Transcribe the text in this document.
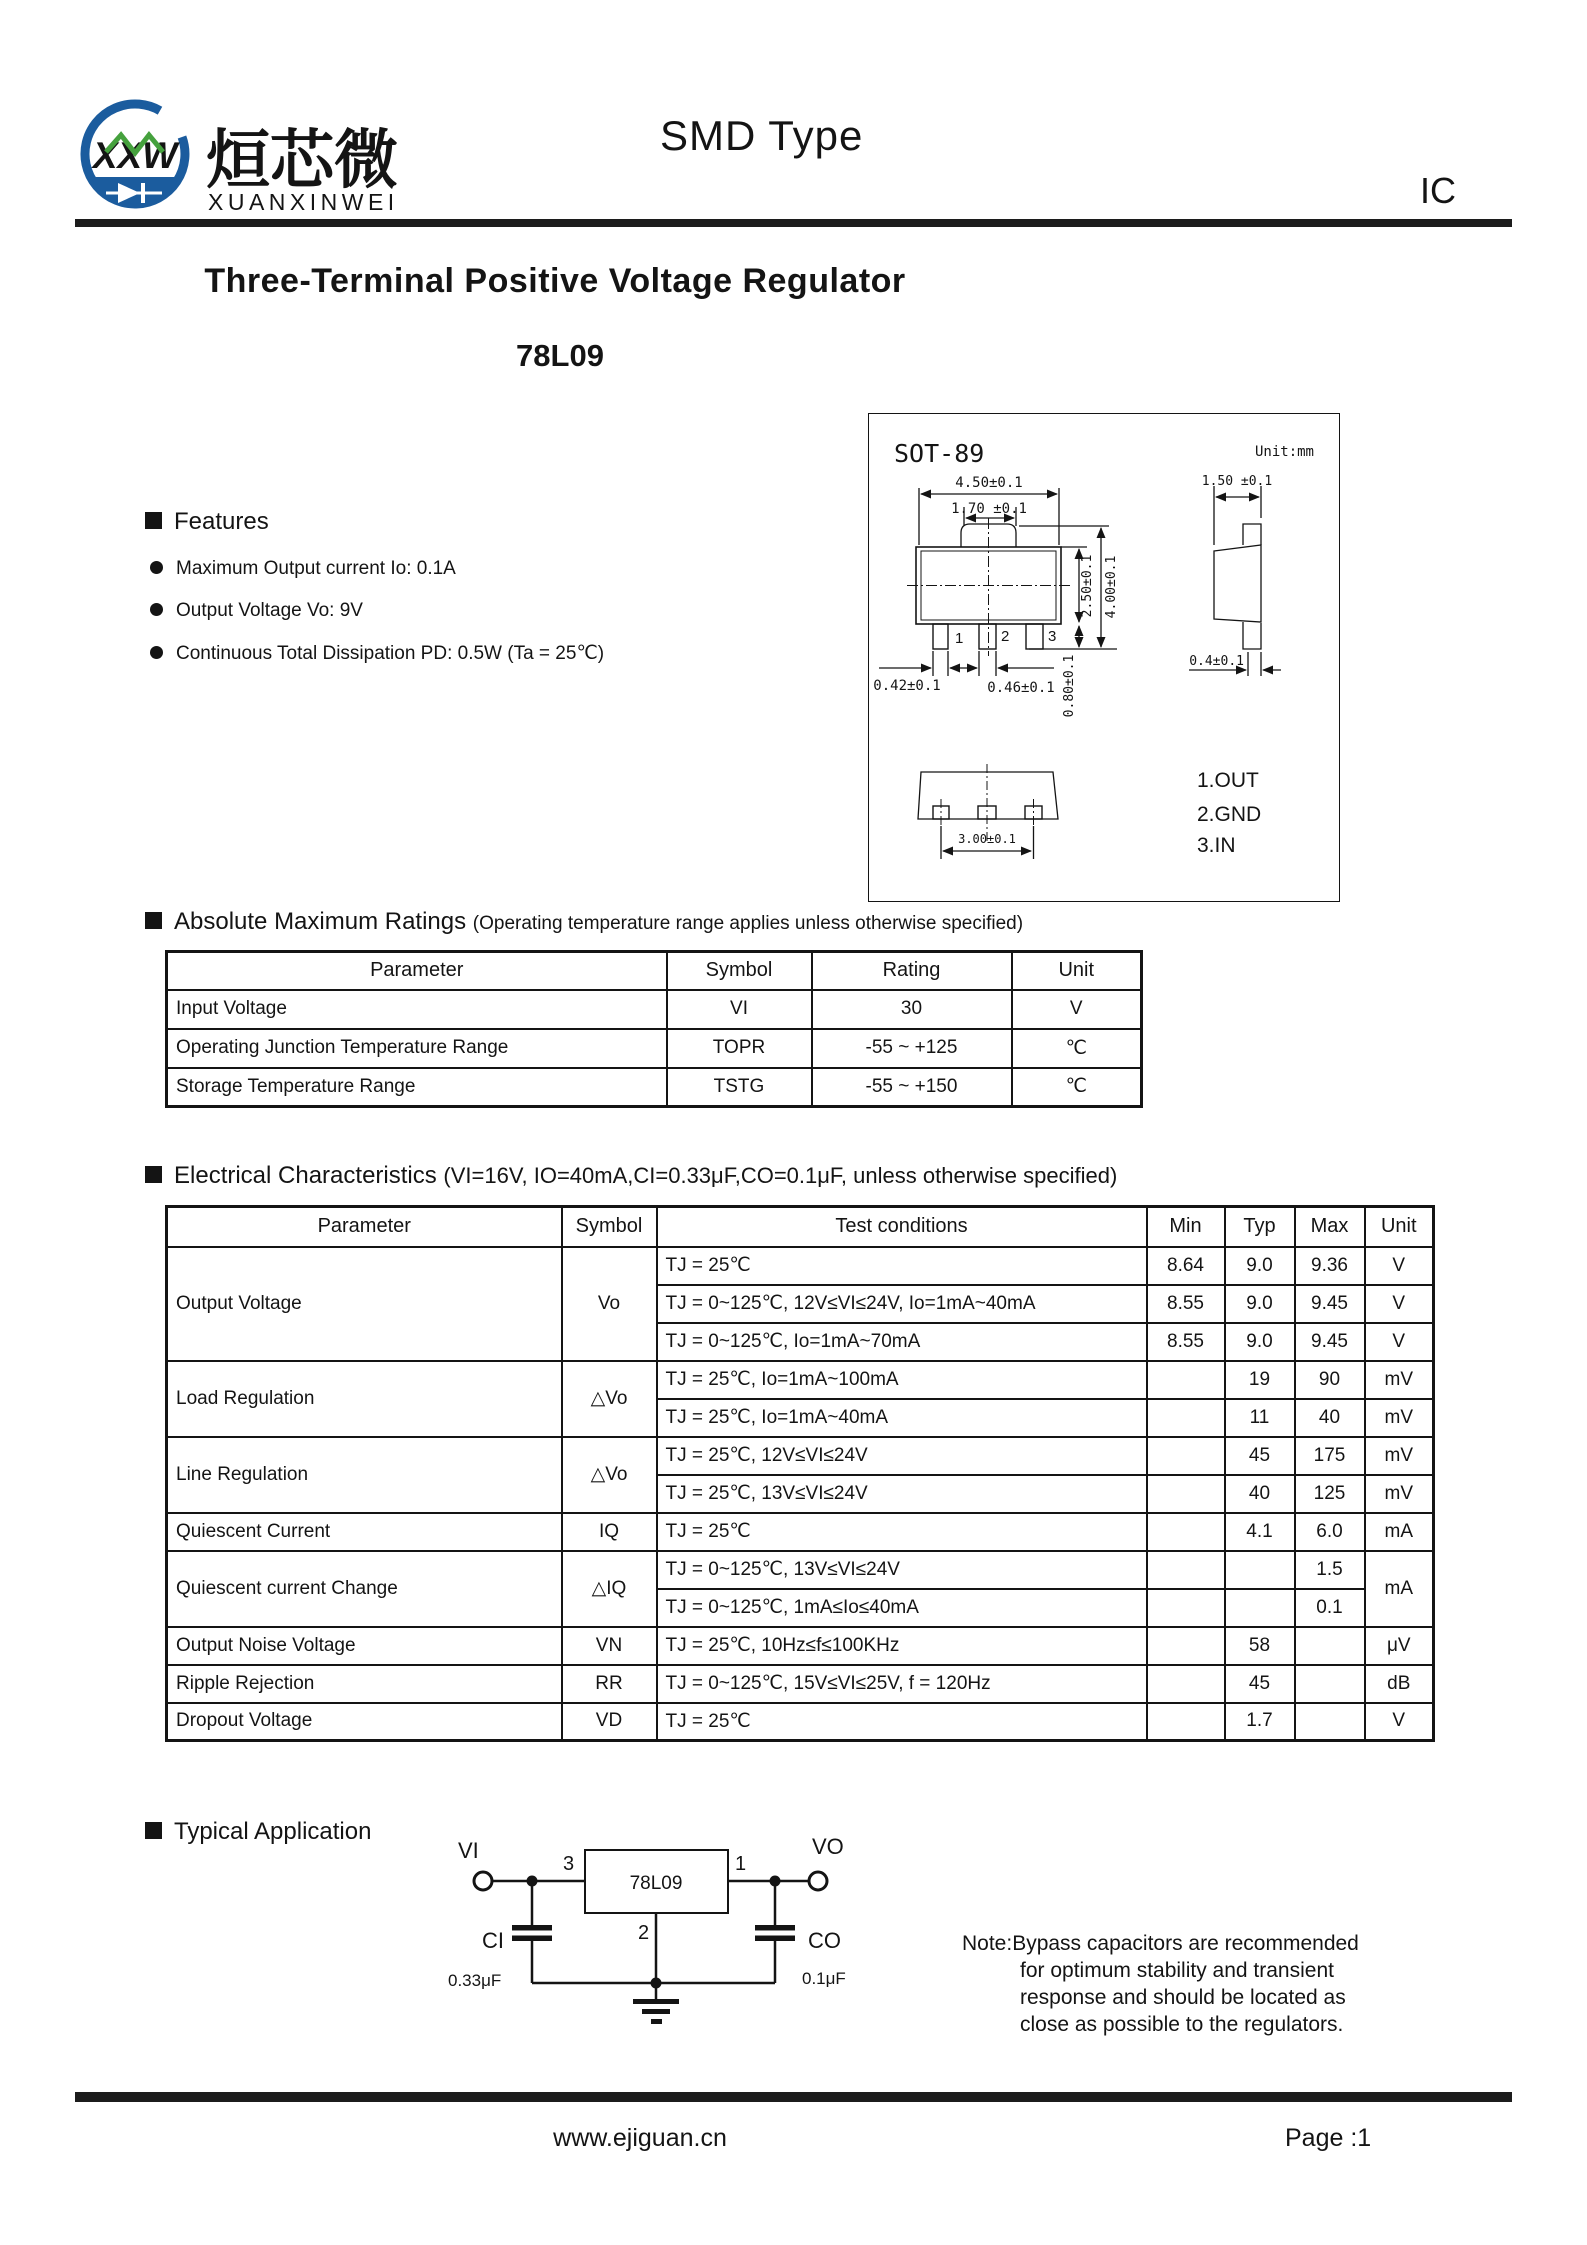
XXW 烜芯微
XUANXINWEI
SMD Type
IC
Three-Terminal Positive Voltage Regulator
78L09
SOT-89	Unit:mm
4.50±0.1
1.70 ±0.1
2.50±0.1 4.00±0.1
0.80±0.1
0.42±0.1	0.46±0.1
1	2	3
1.50 ±0.1
0.4±0.1
3.00±0.1
1.OUT
2.GND
3.IN
Features
Maximum Output current Io: 0.1A
Output Voltage Vo: 9V
Continuous Total Dissipation PD: 0.5W (Ta = 25℃)
Absolute Maximum Ratings (Operating temperature range applies unless otherwise specified)
Parameter	Symbol	Rating	Unit
Input Voltage	VI	30	V
Operating Junction Temperature Range	TOPR	-55 ~ +125	℃
Storage Temperature Range	TSTG	-55 ~ +150	℃
Electrical Characteristics (VI=16V, IO=40mA,CI=0.33μF,CO=0.1μF, unless otherwise specified)
Parameter	Symbol	Test conditions	Min	Typ	Max	Unit
Output Voltage	Vo	TJ = 25℃	8.64	9.0	9.36	V
		TJ = 0~125℃, 12V≤VI≤24V, Io=1mA~40mA	8.55	9.0	9.45	V
		TJ = 0~125℃, Io=1mA~70mA	8.55	9.0	9.45	V
Load Regulation	△Vo	TJ = 25℃, Io=1mA~100mA		19	90	mV
		TJ = 25℃, Io=1mA~40mA		11	40	mV
Line Regulation	△Vo	TJ = 25℃, 12V≤VI≤24V		45	175	mV
		TJ = 25℃, 13V≤VI≤24V		40	125	mV
Quiescent Current	IQ	TJ = 25℃		4.1	6.0	mA
Quiescent current Change	△IQ	TJ = 0~125℃, 13V≤VI≤24V			1.5	mA
		TJ = 0~125℃, 1mA≤Io≤40mA			0.1	
Output Noise Voltage	VN	TJ = 25℃, 10Hz≤f≤100KHz		58		μV
Ripple Rejection	RR	TJ = 0~125℃, 15V≤VI≤25V, f = 120Hz		45		dB
Dropout Voltage	VD	TJ = 25℃		1.7		V
Typical Application
VI	VO
3	1
2
78L09
CI
0.33μF
CO
0.1μF
Note:Bypass capacitors are recommended
for optimum stability and transient
response and should be located as
close as possible to the regulators.
www.ejiguan.cn	Page :1
